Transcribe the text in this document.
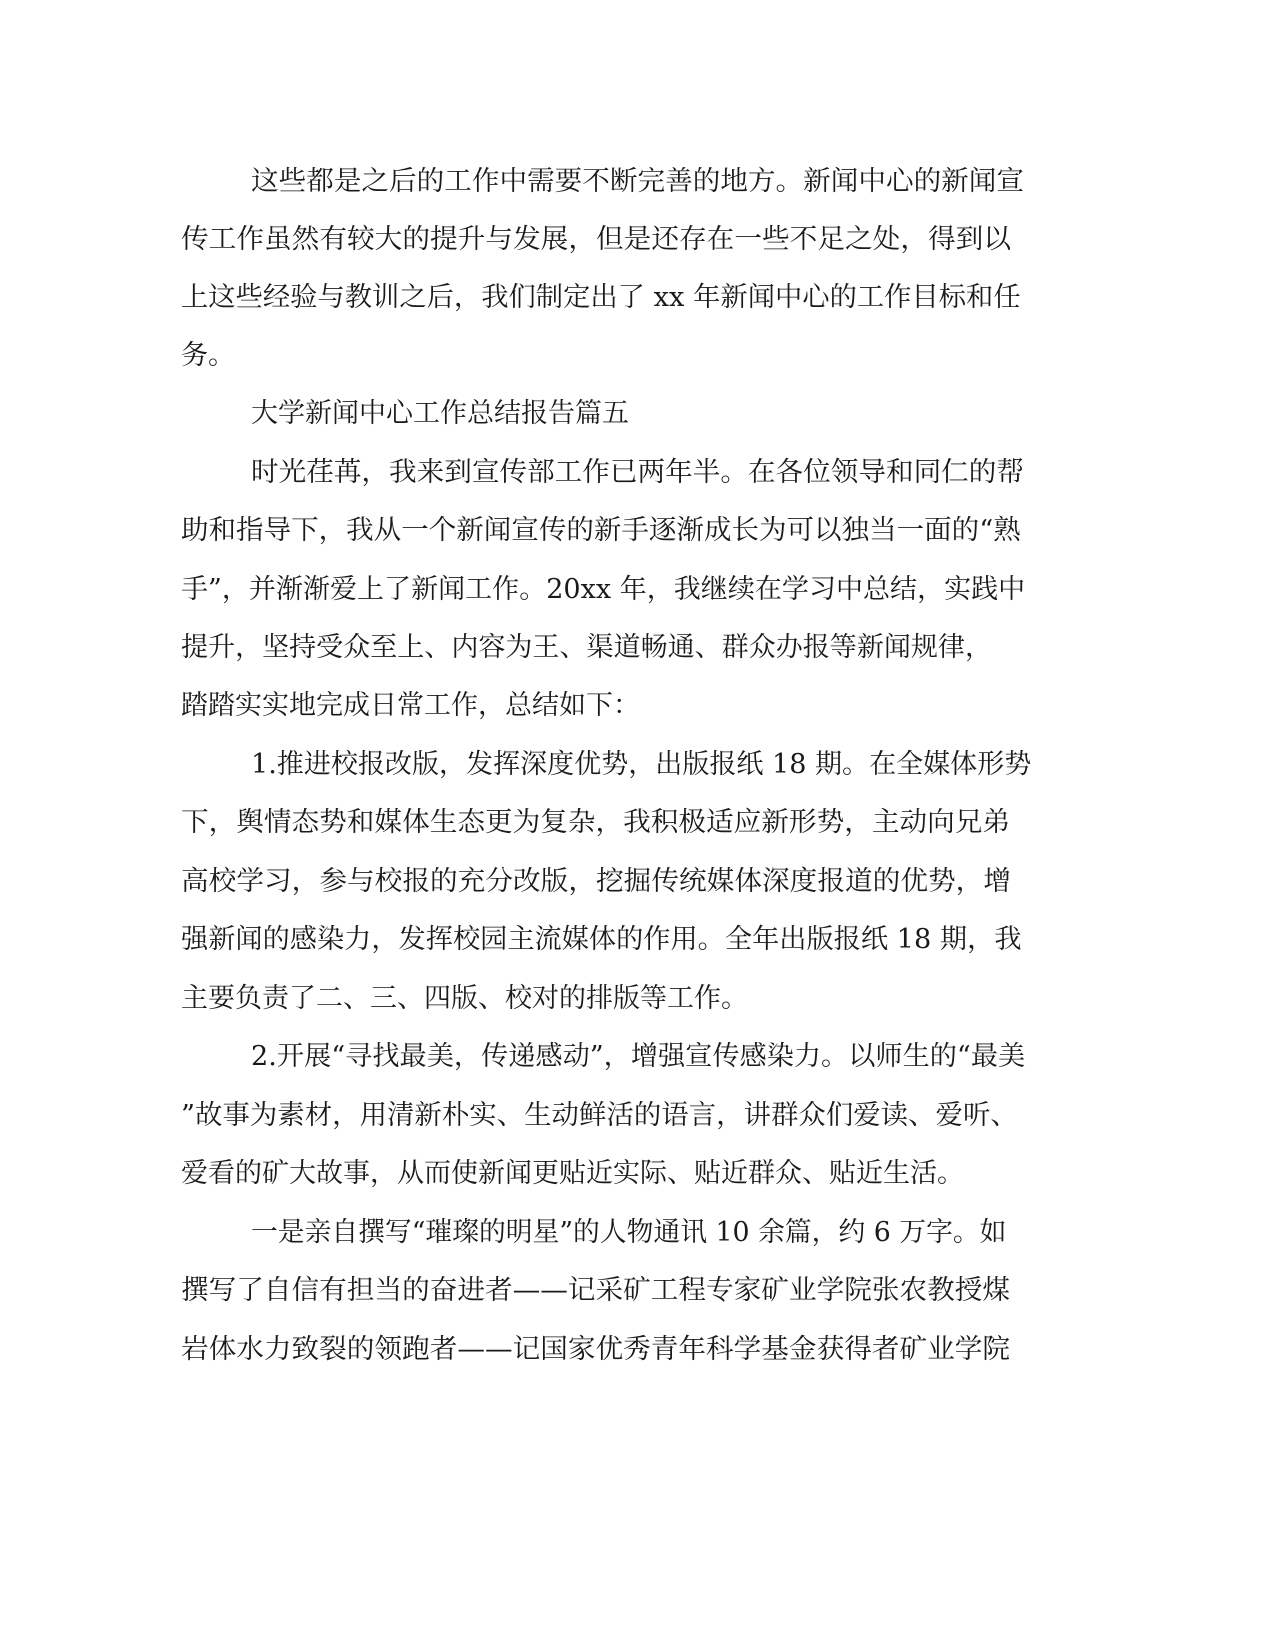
这些都是之后的工作中需要不断完善的地方。新闻中心的新闻宣

传工作虽然有较大的提升与发展，但是还存在一些不足之处，得到以

上这些经验与教训之后，我们制定出了 xx 年新闻中心的工作目标和任

务。

大学新闻中心工作总结报告篇五

时光荏苒，我来到宣传部工作已两年半。在各位领导和同仁的帮

助和指导下，我从一个新闻宣传的新手逐渐成长为可以独当一面的“熟

手”，并渐渐爱上了新闻工作。20xx 年，我继续在学习中总结，实践中

提升，坚持受众至上、内容为王、渠道畅通、群众办报等新闻规律，

踏踏实实地完成日常工作，总结如下：

1.推进校报改版，发挥深度优势，出版报纸 18 期。在全媒体形势

下，舆情态势和媒体生态更为复杂，我积极适应新形势，主动向兄弟

高校学习，参与校报的充分改版，挖掘传统媒体深度报道的优势，增

强新闻的感染力，发挥校园主流媒体的作用。全年出版报纸 18 期，我

主要负责了二、三、四版、校对的排版等工作。

2.开展“寻找最美，传递感动”，增强宣传感染力。以师生的“最美

”故事为素材，用清新朴实、生动鲜活的语言，讲群众们爱读、爱听、

爱看的矿大故事，从而使新闻更贴近实际、贴近群众、贴近生活。

一是亲自撰写“璀璨的明星”的人物通讯 10 余篇，约 6 万字。如

撰写了自信有担当的奋进者——记采矿工程专家矿业学院张农教授煤

岩体水力致裂的领跑者——记国家优秀青年科学基金获得者矿业学院
